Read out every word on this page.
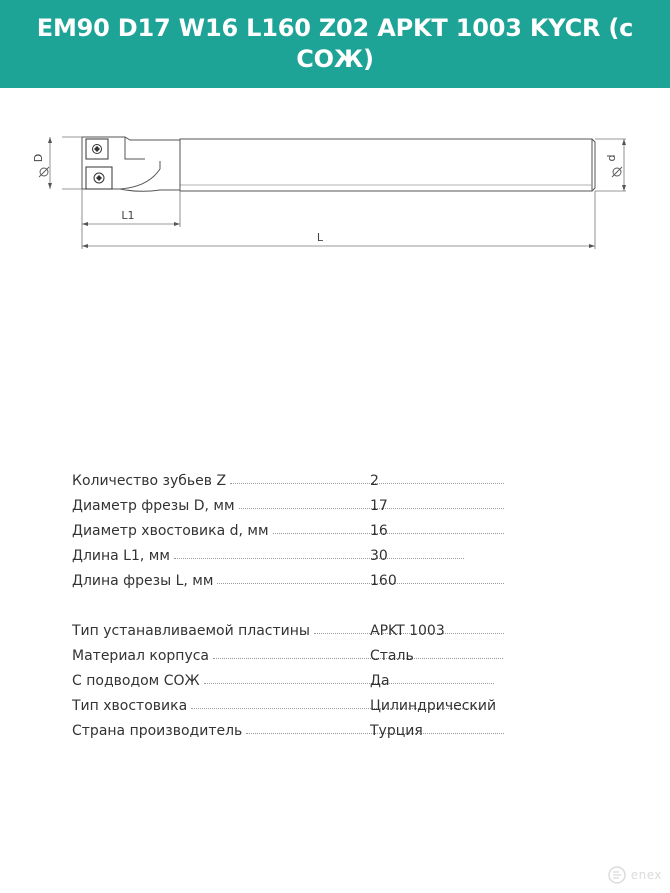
EM90 D17 W16 L160 Z02 APKT 1003 KYCR (с СОЖ)
D	d
L1
L
Количество зубьев Z	2
Диаметр фрезы D, мм	17
Диаметр хвостовика d, мм	16
Длина L1, мм	30
Длина фрезы L, мм	160
Тип устанавливаемой пластины	APKT 1003
Материал корпуса	Сталь
С подводом СОЖ	Да
Тип хвостовика	Цилиндрический
Страна производитель	Турция
enex
